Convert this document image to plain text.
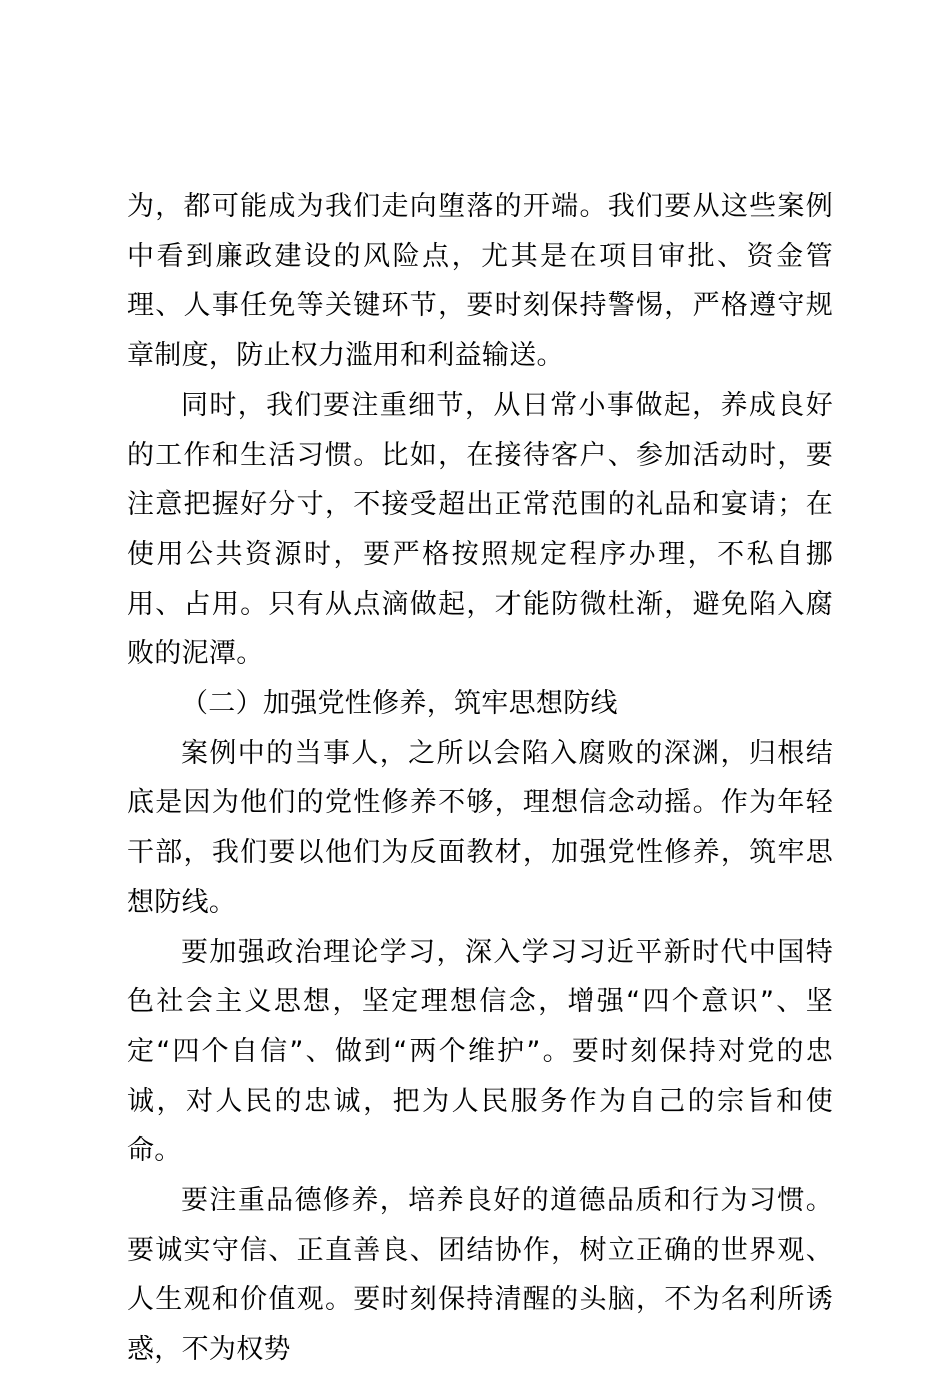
为，都可能成为我们走向堕落的开端。我们要从这些案例中看到廉政建设的风险点，尤其是在项目审批、资金管理、人事任免等关键环节，要时刻保持警惕，严格遵守规章制度，防止权力滥用和利益输送。

同时，我们要注重细节，从日常小事做起，养成良好的工作和生活习惯。比如，在接待客户、参加活动时，要注意把握好分寸，不接受超出正常范围的礼品和宴请；在使用公共资源时，要严格按照规定程序办理，不私自挪用、占用。只有从点滴做起，才能防微杜渐，避免陷入腐败的泥潭。

（二）加强党性修养，筑牢思想防线

案例中的当事人，之所以会陷入腐败的深渊，归根结底是因为他们的党性修养不够，理想信念动摇。作为年轻干部，我们要以他们为反面教材，加强党性修养，筑牢思想防线。

要加强政治理论学习，深入学习习近平新时代中国特色社会主义思想，坚定理想信念，增强“四个意识”、坚定“四个自信”、做到“两个维护”。要时刻保持对党的忠诚，对人民的忠诚，把为人民服务作为自己的宗旨和使命。

要注重品德修养，培养良好的道德品质和行为习惯。要诚实守信、正直善良、团结协作，树立正确的世界观、人生观和价值观。要时刻保持清醒的头脑，不为名利所诱惑，不为权势
